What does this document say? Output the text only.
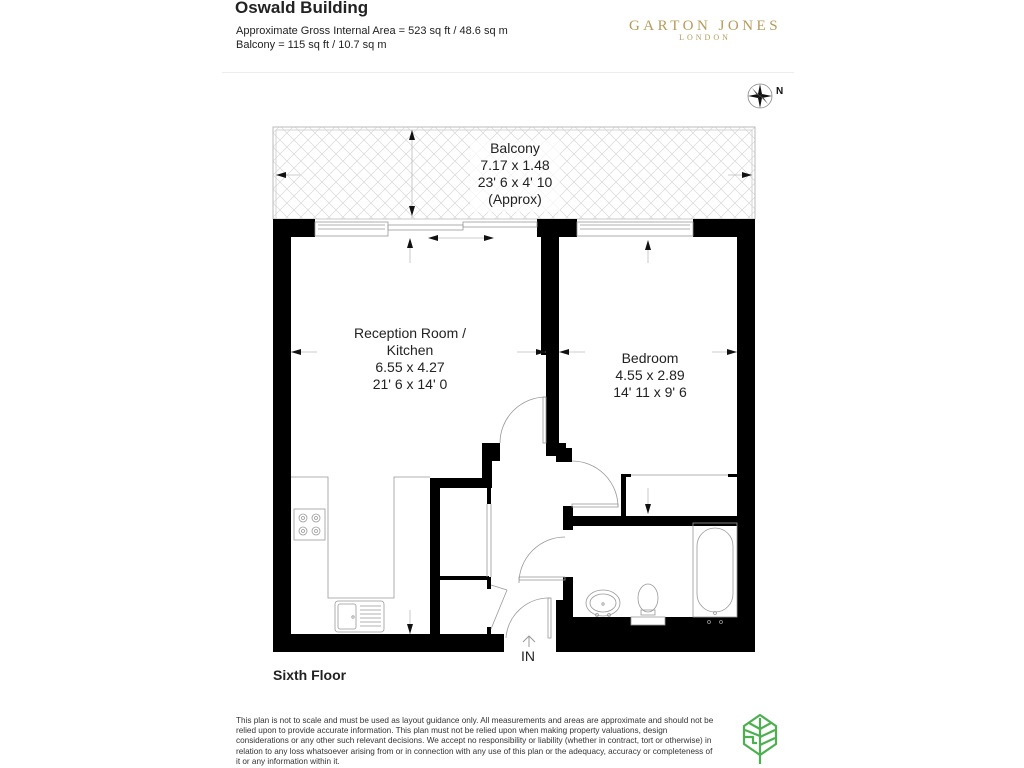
Oswald Building
Approximate Gross Internal Area = 523 sq ft / 48.6 sq m
Balcony = 115 sq ft / 10.7 sq m
GARTON JONES
LONDON
N
Balcony
7.17 x 1.48
23' 6 x 4' 10
(Approx)
Reception Room /
Kitchen
6.55 x 4.27
21' 6 x 14' 0
Bedroom
4.55 x 2.89
14' 11 x 9' 6
IN
Sixth Floor
This plan is not to scale and must be used as layout guidance only. All measurements and areas are approximate and should not be relied upon to provide accurate information. This plan must not be relied upon when making property valuations, design considerations or any other such relevant decisions. We accept no responsibility or liability (whether in contract, tort or otherwise) in relation to any loss whatsoever arising from or in connection with any use of this plan or the adequacy, accuracy or completeness of it or any information within it.
